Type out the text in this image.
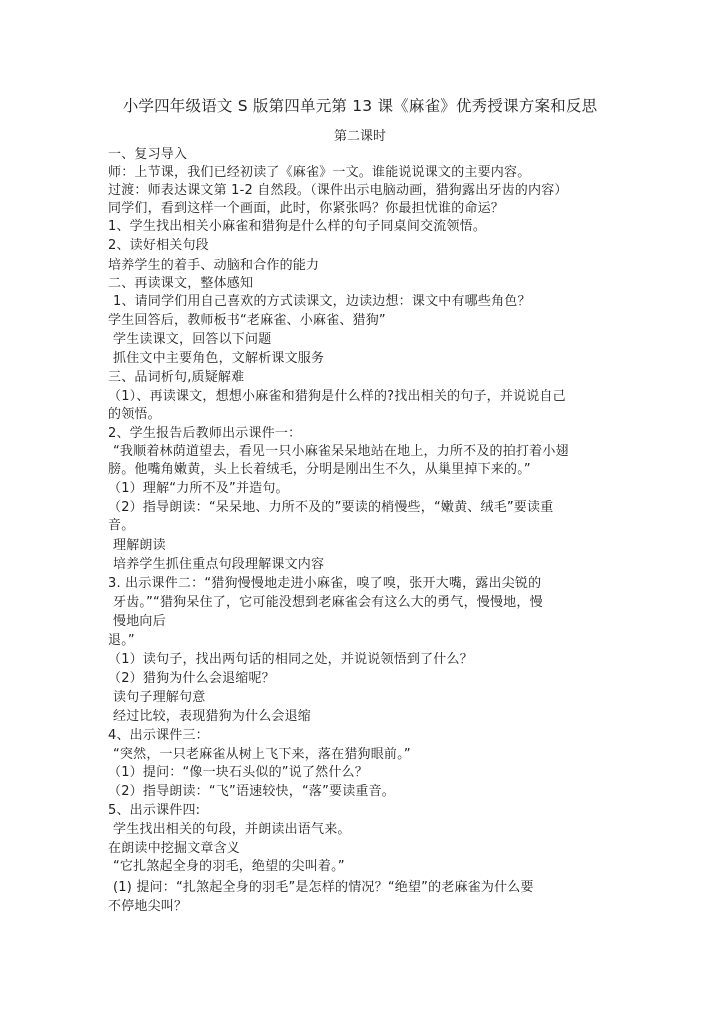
小学四年级语文 S 版第四单元第 13 课《麻雀》优秀授课方案和反思
第二课时
一、复习导入
师：上节课，我们已经初读了《麻雀》一文。谁能说说课文的主要内容。
过渡：师表达课文第 1-2 自然段。（课件出示电脑动画，猎狗露出牙齿的内容）
同学们，看到这样一个画面，此时，你紧张吗？你最担忧谁的命运？
1、学生找出相关小麻雀和猎狗是什么样的句子同桌间交流领悟。
2、读好相关句段
培养学生的着手、动脑和合作的能力
二、再读课文，整体感知
1、请同学们用自己喜欢的方式读课文，边读边想：课文中有哪些角色？
学生回答后，教师板书“老麻雀、小麻雀、猎狗”
学生读课文，回答以下问题
抓住文中主要角色，文解析课文服务
三、品词析句,质疑解难
（1）、再读课文，想想小麻雀和猎狗是什么样的?找出相关的句子，并说说自己
的领悟。
2、学生报告后教师出示课件一：
“我顺着林荫道望去，看见一只小麻雀呆呆地站在地上，力所不及的拍打着小翅
膀。他嘴角嫩黄，头上长着绒毛，分明是刚出生不久，从巢里掉下来的。”
（1）理解“力所不及”并造句。
（2）指导朗读：“呆呆地、力所不及的”要读的梢慢些，“嫩黄、绒毛”要读重
音。
理解朗读
培养学生抓住重点句段理解课文内容
3. 出示课件二：“猎狗慢慢地走进小麻雀，嗅了嗅，张开大嘴，露出尖锐的
牙齿。”“猎狗呆住了，它可能没想到老麻雀会有这么大的勇气，慢慢地，慢
慢地向后
退。”
（1）读句子，找出两句话的相同之处，并说说领悟到了什么？
（2）猎狗为什么会退缩呢？
读句子理解句意
经过比较，表现猎狗为什么会退缩
4、出示课件三：
“突然，一只老麻雀从树上飞下来，落在猎狗眼前。”
（1）提问：“像一块石头似的”说了然什么？
（2）指导朗读：“飞”语速较快，“落”要读重音。
5、出示课件四:
学生找出相关的句段，并朗读出语气来。
在朗读中挖掘文章含义
“它扎煞起全身的羽毛，绝望的尖叫着。”
(1) 提问：“扎煞起全身的羽毛”是怎样的情况？“绝望”的老麻雀为什么要
不停地尖叫？
